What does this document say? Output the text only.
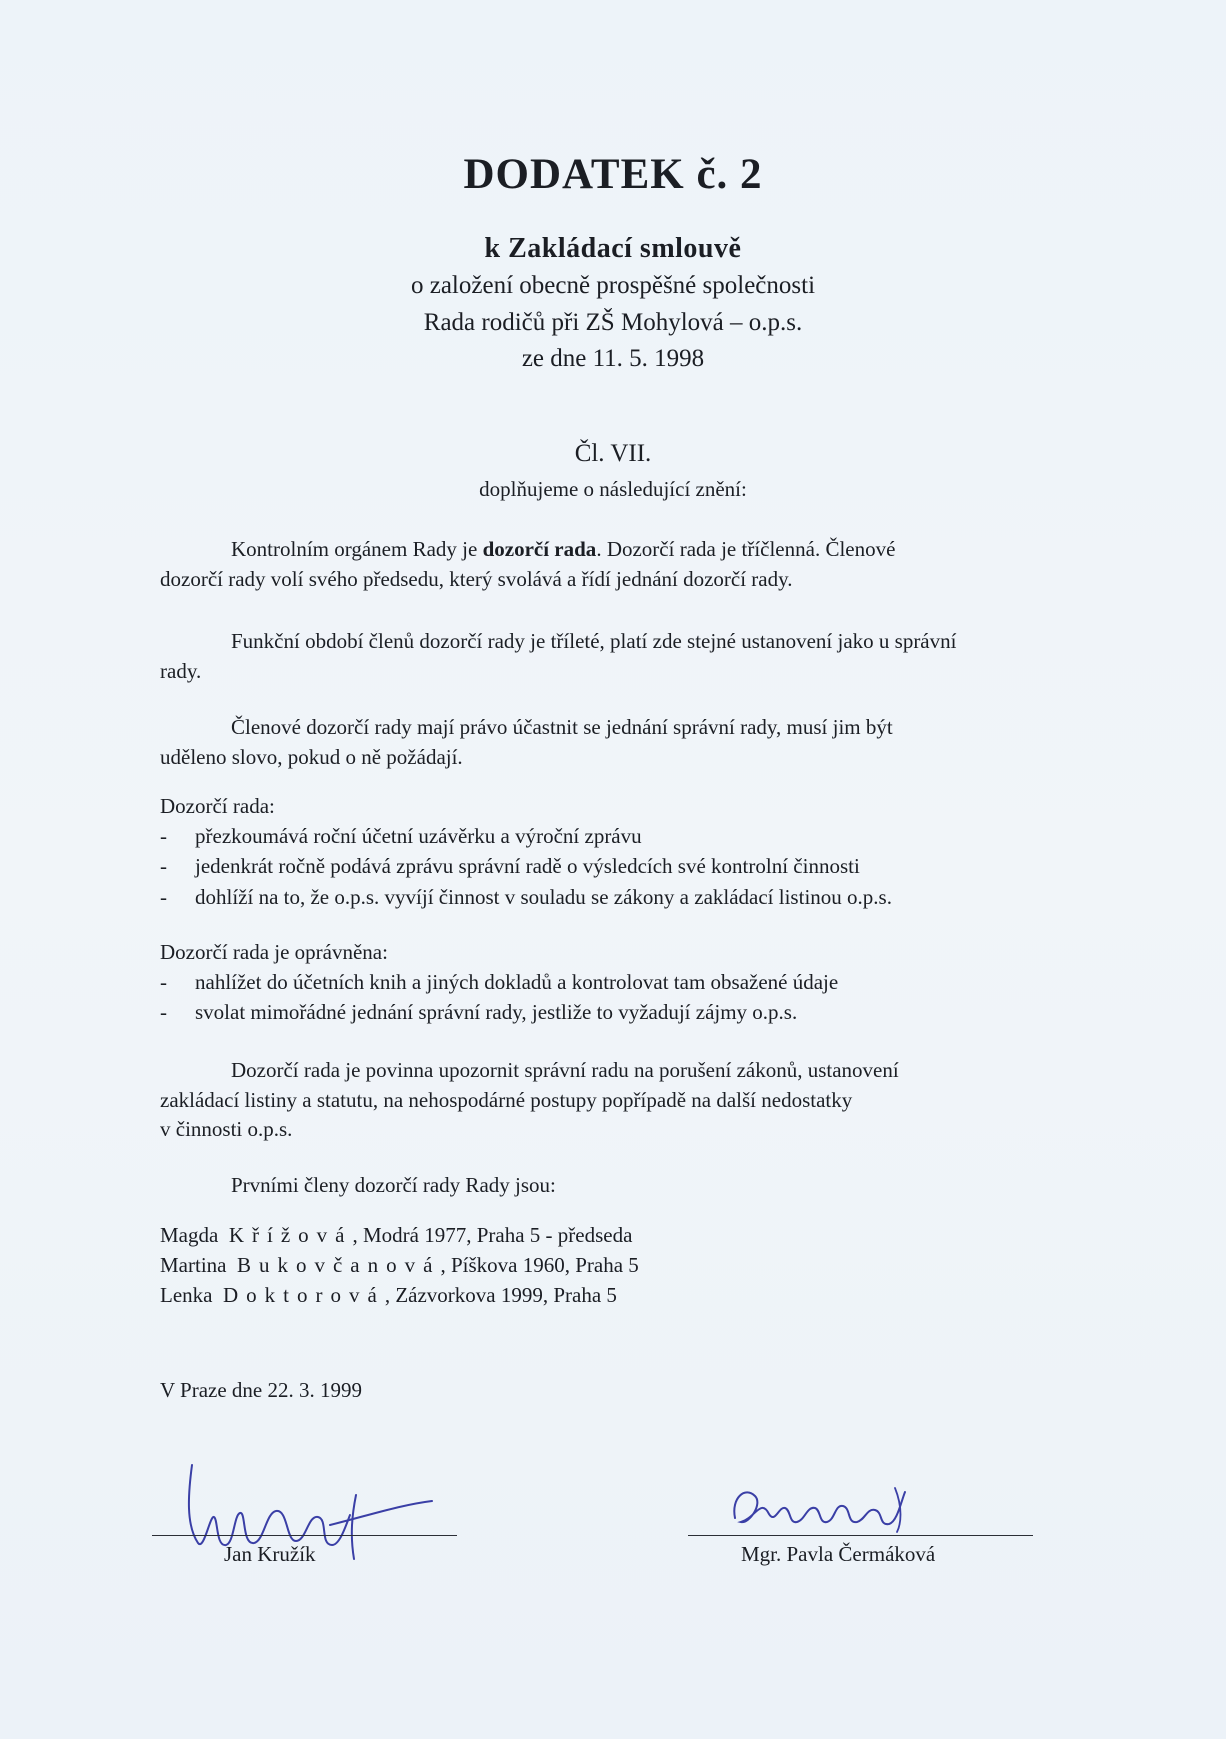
DODATEK č. 2
k Zakládací smlouvě
o založení obecně prospěšné společnosti
Rada rodičů při ZŠ Mohylová – o.p.s.
ze dne 11. 5. 1998
Čl. VII.
doplňujeme o následující znění:
Kontrolním orgánem Rady je dozorčí rada. Dozorčí rada je tříčlenná. Členové
dozorčí rady volí svého předsedu, který svolává a řídí jednání dozorčí rady.
Funkční období členů dozorčí rady je tříleté, platí zde stejné ustanovení jako u správní
rady.
Členové dozorčí rady mají právo účastnit se jednání správní rady, musí jim být
uděleno slovo, pokud o ně požádají.
Dozorčí rada:
- přezkoumává roční účetní uzávěrku a výroční zprávu
- jedenkrát ročně podává zprávu správní radě o výsledcích své kontrolní činnosti
- dohlíží na to, že o.p.s. vyvíjí činnost v souladu se zákony a zakládací listinou o.p.s.
Dozorčí rada je oprávněna:
- nahlížet do účetních knih a jiných dokladů a kontrolovat tam obsažené údaje
- svolat mimořádné jednání správní rady, jestliže to vyžadují zájmy o.p.s.
Dozorčí rada je povinna upozornit správní radu na porušení zákonů, ustanovení
zakládací listiny a statutu, na nehospodárné postupy popřípadě na další nedostatky
v činnosti o.p.s.
Prvními členy dozorčí rady Rady jsou:
Magda Křížová, Modrá 1977, Praha 5 - předseda
Martina Bukovčanová, Píškova 1960, Praha 5
Lenka Doktorová, Zázvorkova 1999, Praha 5
V Praze dne 22. 3. 1999
Jan Kružík	Mgr. Pavla Čermáková
